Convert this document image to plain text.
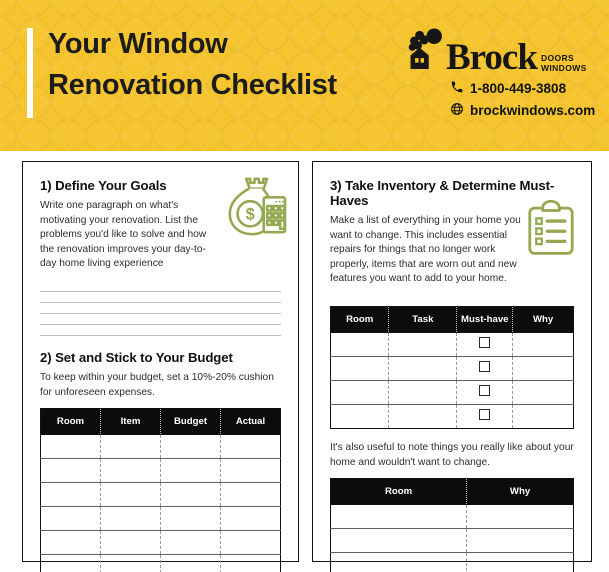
Your Window
Renovation Checklist
Brock DOORS
WINDOWS
1-800-449-3808
brockwindows.com
1) Define Your Goals

Write one paragraph on what's motivating your renovation. List the problems you'd like to solve and how the renovation improves your day-to-day home living experience

$
2) Set and Stick to Your Budget

To keep within your budget, set a 10%-20% cushion for unforeseen expenses.

Room	Item	Budget	Actual

3) Take Inventory & Determine Must-Haves

Make a list of everything in your home you want to change. This includes essential repairs for things that no longer work properly, items that are worn out and new features you want to add to your home.

Room	Task	Must-have	Why

It's also useful to note things you really like about your home and wouldn't want to change.

Room	Why
